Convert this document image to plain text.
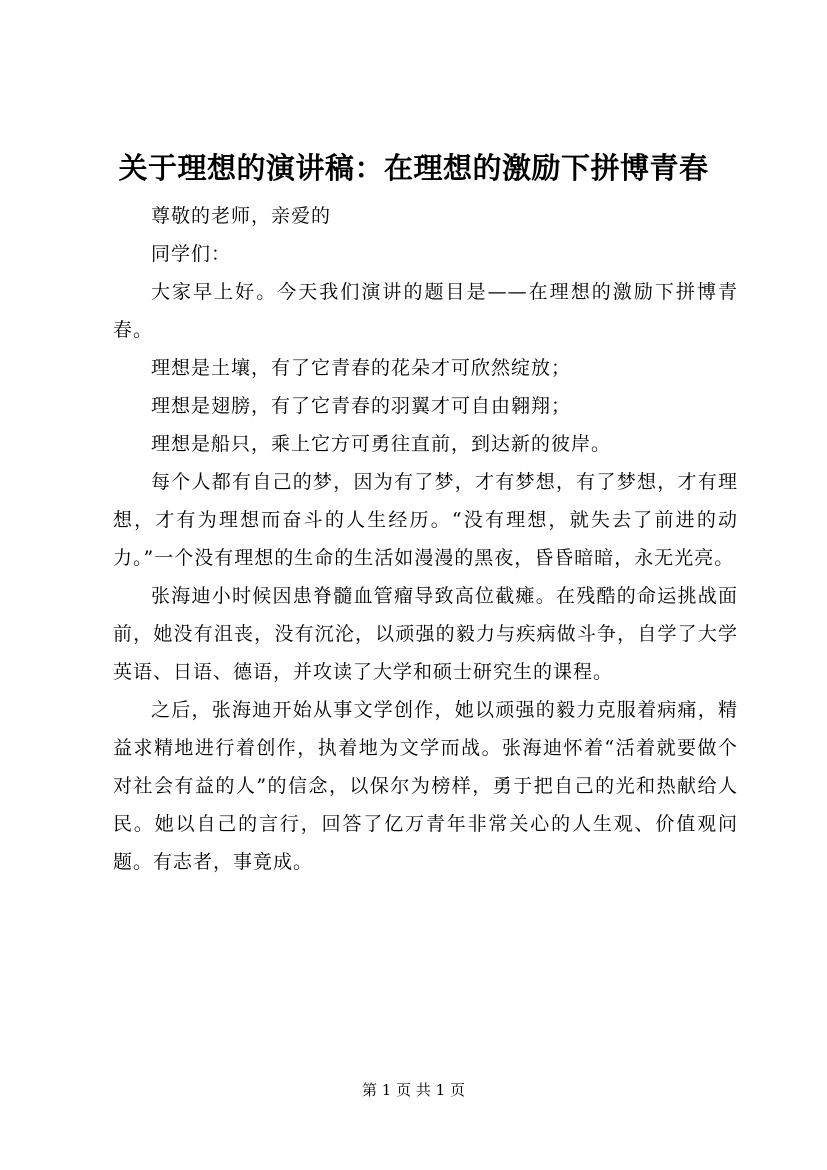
关于理想的演讲稿：在理想的激励下拼博青春

尊敬的老师，亲爱的

同学们：

大家早上好。今天我们演讲的题目是——在理想的激励下拼博青春。

理想是土壤，有了它青春的花朵才可欣然绽放；

理想是翅膀，有了它青春的羽翼才可自由翱翔；

理想是船只，乘上它方可勇往直前，到达新的彼岸。

每个人都有自己的梦，因为有了梦，才有梦想，有了梦想，才有理想，才有为理想而奋斗的人生经历。“没有理想，就失去了前进的动力。”一个没有理想的生命的生活如漫漫的黑夜，昏昏暗暗，永无光亮。

张海迪小时候因患脊髓血管瘤导致高位截瘫。在残酷的命运挑战面前，她没有沮丧，没有沉沦，以顽强的毅力与疾病做斗争，自学了大学英语、日语、德语，并攻读了大学和硕士研究生的课程。

之后，张海迪开始从事文学创作，她以顽强的毅力克服着病痛，精益求精地进行着创作，执着地为文学而战。张海迪怀着“活着就要做个对社会有益的人”的信念，以保尔为榜样，勇于把自己的光和热献给人民。她以自己的言行，回答了亿万青年非常关心的人生观、价值观问题。有志者，事竟成。

第 1 页 共 1 页
